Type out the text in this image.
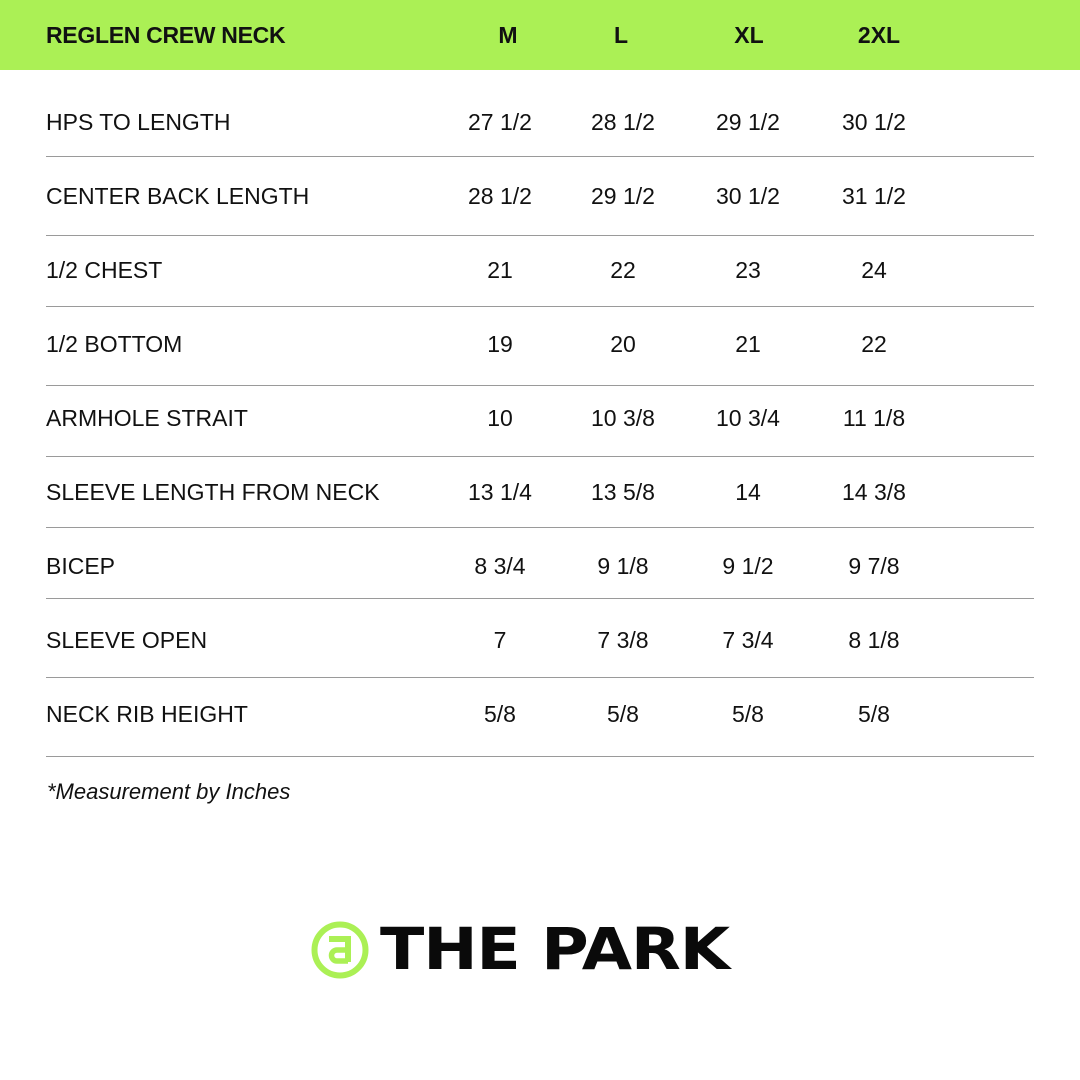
REGLEN CREW NECK	M	L	XL	2XL
HPS TO LENGTH	27 1/2	28 1/2	29 1/2	30 1/2
CENTER BACK LENGTH	28 1/2	29 1/2	30 1/2	31 1/2
1/2 CHEST	21	22	23	24
1/2 BOTTOM	19	20	21	22
ARMHOLE STRAIT	10	10 3/8	10 3/4	11 1/8
SLEEVE LENGTH FROM NECK	13 1/4	13 5/8	14	14 3/8
BICEP	8 3/4	9 1/8	9 1/2	9 7/8
SLEEVE OPEN	7	7 3/8	7 3/4	8 1/8
NECK RIB HEIGHT	5/8	5/8	5/8	5/8
*Measurement by Inches
THE PARK
